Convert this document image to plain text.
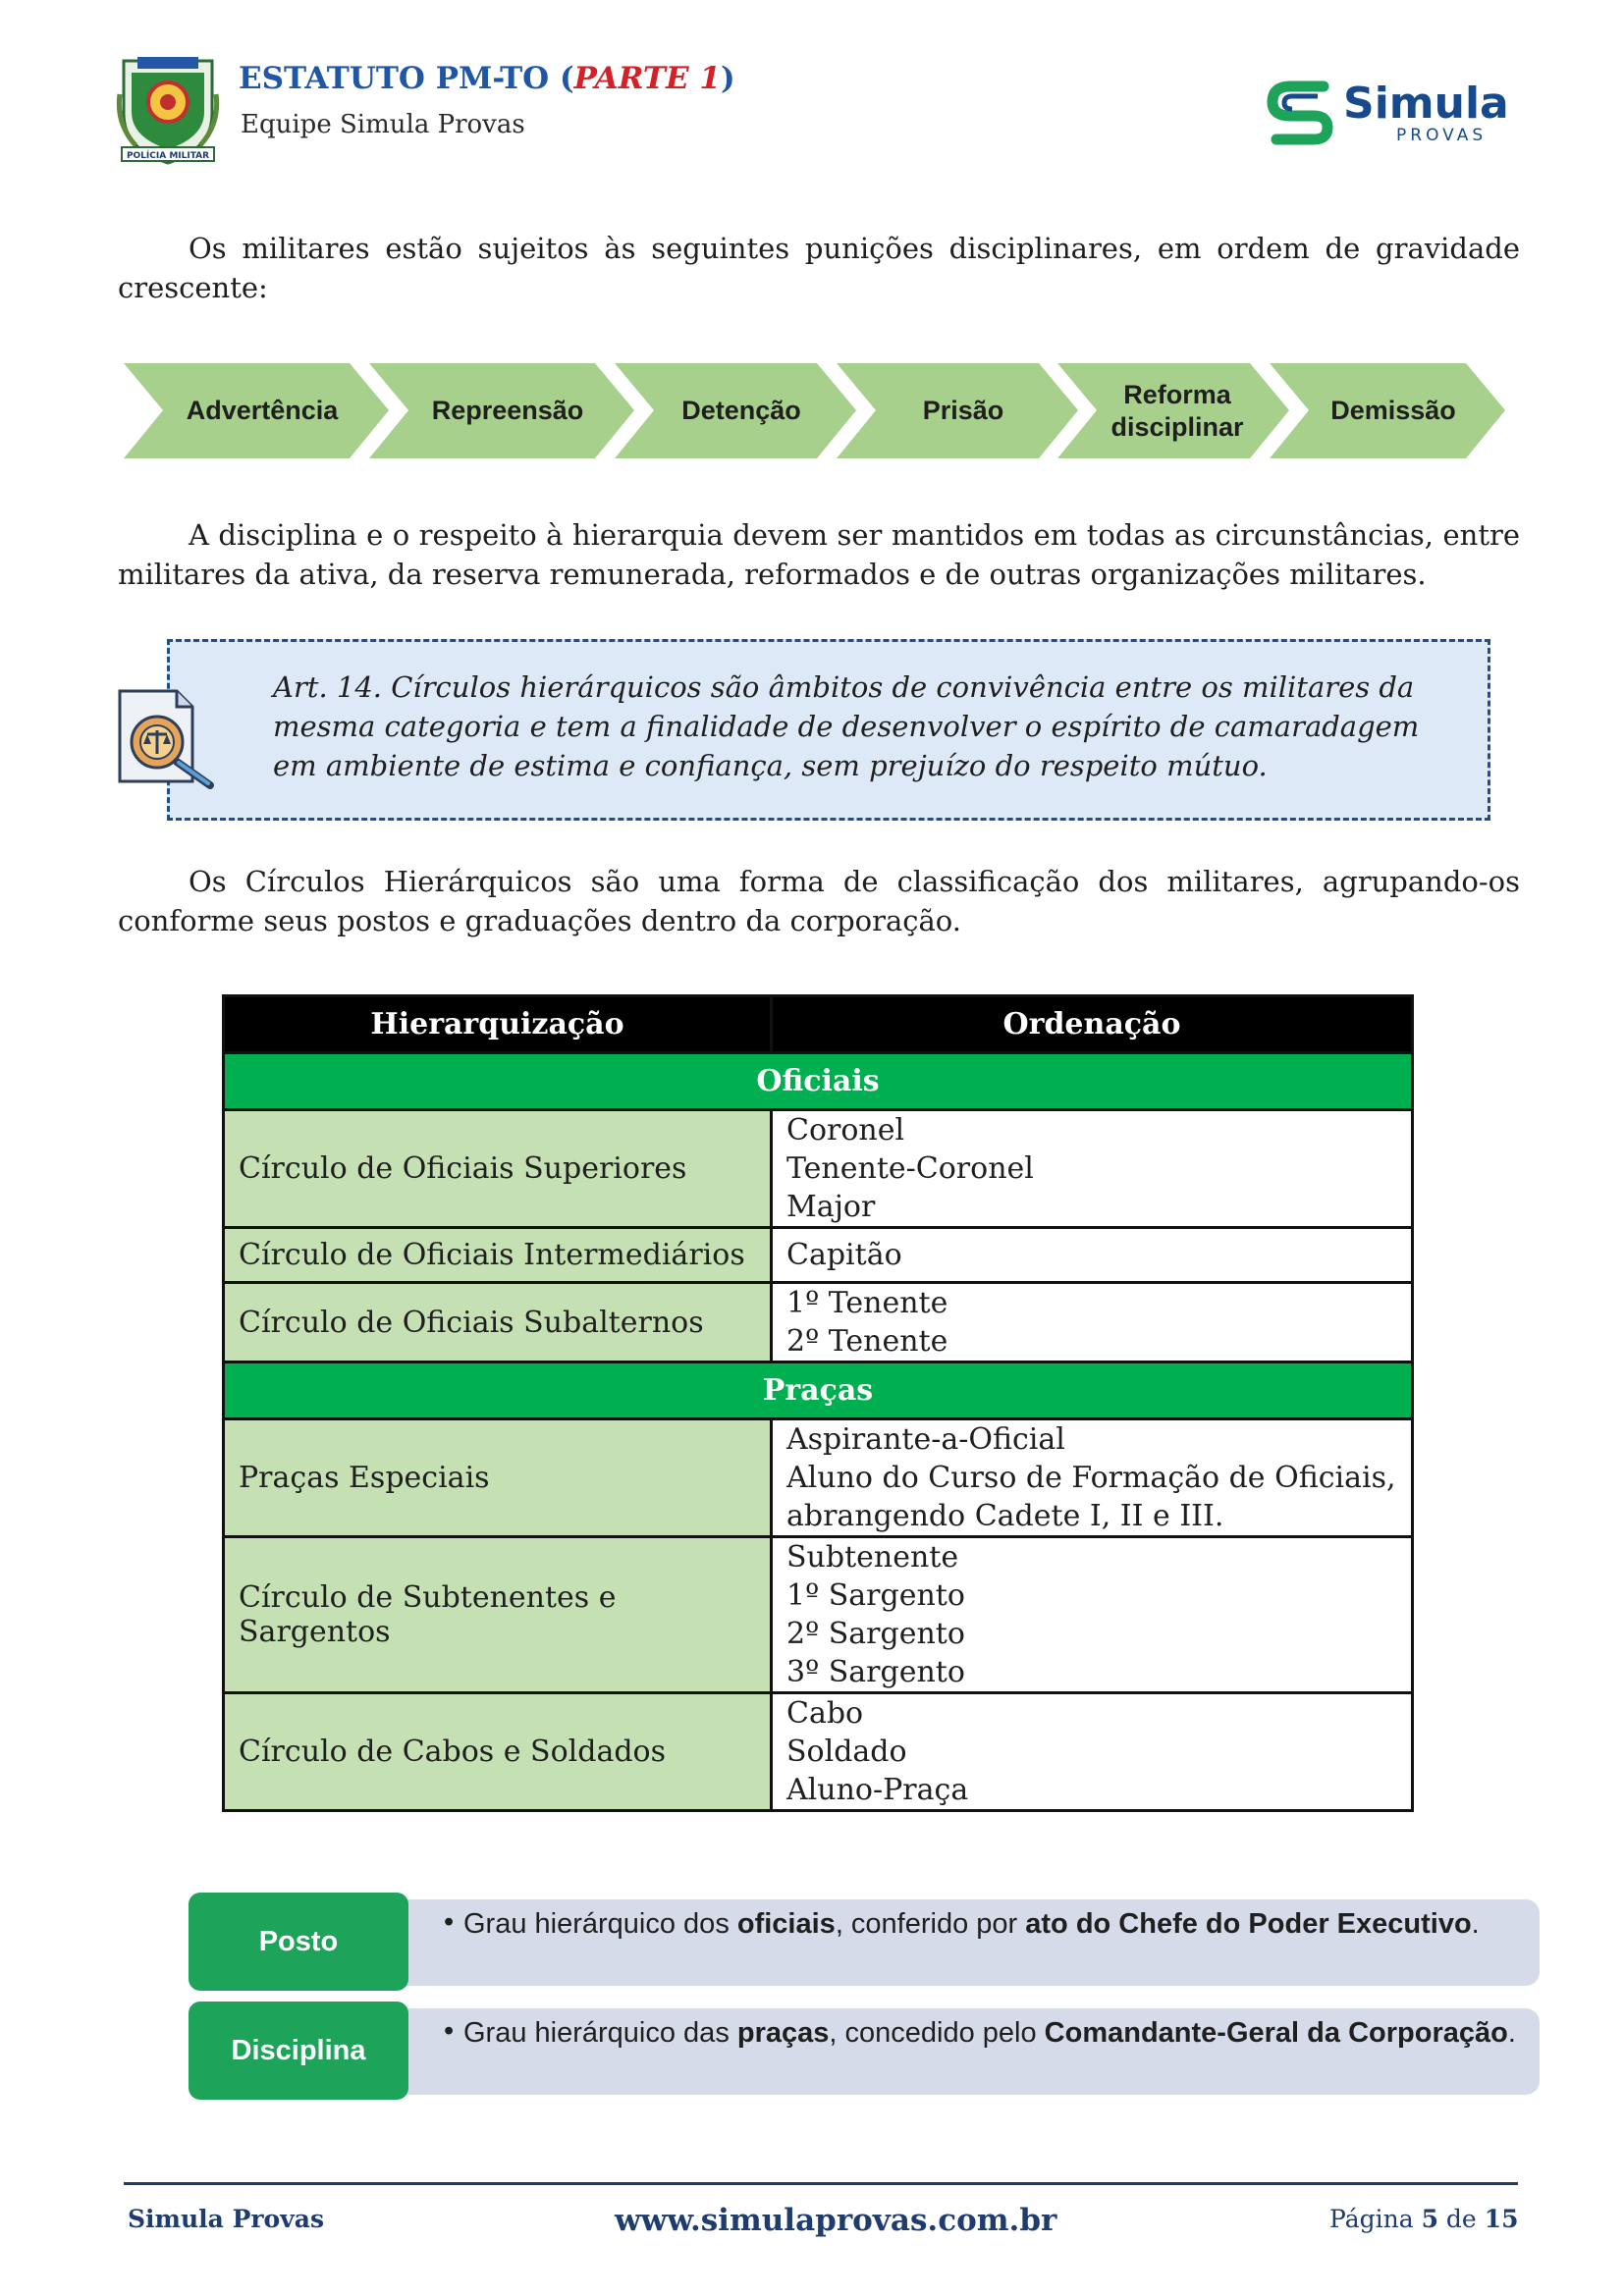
POLÍCIA MILITAR
ESTATUTO PM-TO (PARTE 1)
Equipe Simula Provas	Simula
PROVAS

Os militares estão sujeitos às seguintes punições disciplinares, em ordem de gravidade crescente:

Advertência	Repreensão	Detenção	Prisão
Reforma disciplinar
Demissão

A disciplina e o respeito à hierarquia devem ser mantidos em todas as circunstâncias, entre militares da ativa, da reserva remunerada, reformados e de outras organizações militares.

Art. 14. Círculos hierárquicos são âmbitos de convivência entre os militares da mesma categoria e tem a finalidade de desenvolver o espírito de camaradagem em ambiente de estima e confiança, sem prejuízo do respeito mútuo.

Os Círculos Hierárquicos são uma forma de classificação dos militares, agrupando-os conforme seus postos e graduações dentro da corporação.

Hierarquização	Ordenação
Oficiais	
Círculo de Oficiais Superiores	Coronel
Tenente-Coronel
Major

Círculo de Oficiais Intermediários	Capitão

Círculo de Oficiais Subalternos	1º Tenente
2º Tenente

Praças	
Praças Especiais	Aspirante-a-Oficial
Aluno do Curso de Formação de Oficiais, abrangendo Cadete I, II e III.

Círculo de Subtenentes e Sargentos	Subtenente
1º Sargento
2º Sargento
3º Sargento

Círculo de Cabos e Soldados	Cabo
Soldado
Aluno-Praça
Posto
• Grau hierárquico dos oficiais, conferido por ato do Chefe do Poder Executivo.
Disciplina
• Grau hierárquico das praças, concedido pelo Comandante-Geral da Corporação.
Simula Provas	www.simulaprovas.com.br	Página 5 de 15
